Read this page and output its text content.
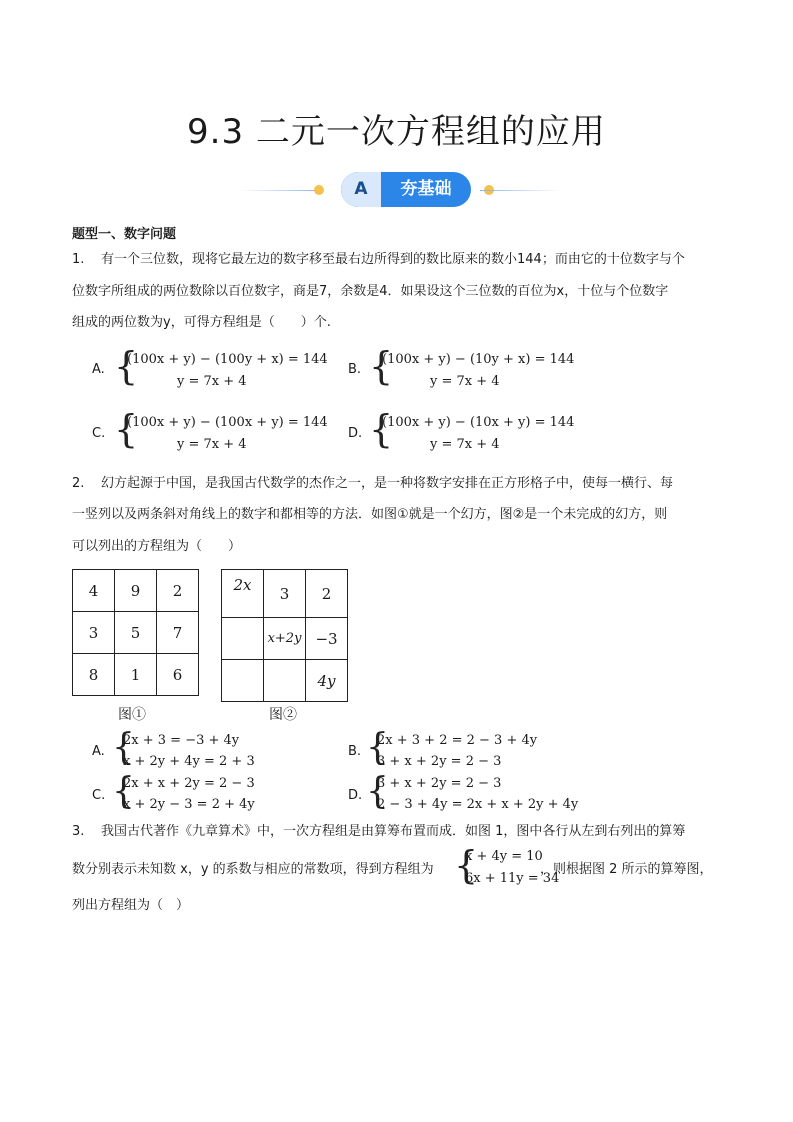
9.3 二元一次方程组的应用
A	夯基础
题型一、数字问题
1. 有一个三位数，现将它最左边的数字移至最右边所得到的数比原来的数小144；而由它的十位数字与个
位数字所组成的两位数除以百位数字，商是7，余数是4．如果设这个三位数的百位为x，十位与个位数字
组成的两位数为y，可得方程组是（　　）个.
A. {
(100x + y) − (100y + x) = 144
y = 7x + 4
B. {
(100x + y) − (10y + x) = 144
y = 7x + 4
C. {
(100x + y) − (100x + y) = 144
y = 7x + 4
D. {
(100x + y) − (10x + y) = 144
y = 7x + 4
2. 幻方起源于中国，是我国古代数学的杰作之一，是一种将数字安排在正方形格子中，使每一横行、每
一竖列以及两条斜对角线上的数字和都相等的方法．如图①就是一个幻方，图②是一个未完成的幻方，则
可以列出的方程组为（　　）
4	9	2
3	5	7
8	1	6
2x	3	2
	x+2y	−3
		4y
图①	图②
A. {
2x + 3 = −3 + 4y
x + 2y + 4y = 2 + 3
B. {
2x + 3 + 2 = 2 − 3 + 4y
3 + x + 2y = 2 − 3
C. {
2x + x + 2y = 2 − 3
x + 2y − 3 = 2 + 4y
D. {
3 + x + 2y = 2 − 3
2 − 3 + 4y = 2x + x + 2y + 4y
3. 我国古代著作《九章算术》中，一次方程组是由算筹布置而成．如图 1，图中各行从左到右列出的算筹
数分别表示未知数 x，y 的系数与相应的常数项，得到方程组为 {
x + 4y = 10
6x + 11y = 34
，则根据图 2 所示的算筹图，
列出方程组为（　）
